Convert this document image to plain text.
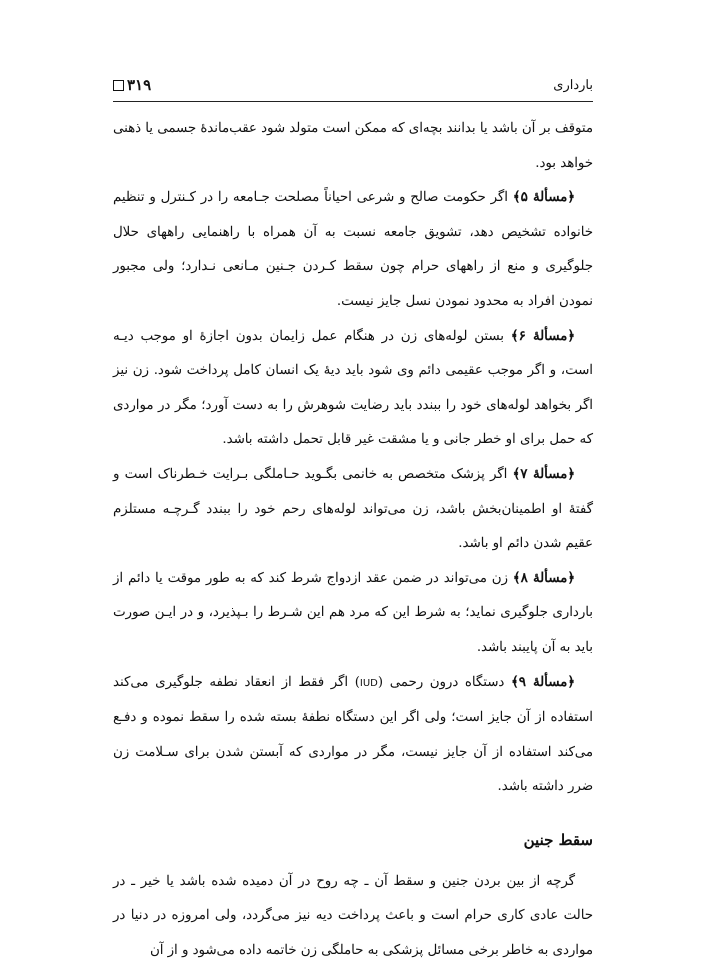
بارداری
۳۱۹

متوقف بر آن باشد یا بدانند بچه‌ای که ممکن است متولد شود عقب‌ماندهٔ جسمی یا ذهنی خواهد بود.

﴿مسألهٔ ۵﴾ اگر حکومت صالح و شرعی احیاناً مصلحت جـامعه را در کـنترل و تنظیم خانواده تشخیص دهد، تشویق جامعه نسبت به آن همراه با راهنمایی راههای حلال جلوگیری و منع از راههای حرام چون سقط کـردن جـنین مـانعی نـدارد؛ ولی مجبور نمودن افراد به محدود نمودن نسل جایز نیست.

﴿مسألهٔ ۶﴾ بستن لوله‌های زن در هنگام عمل زایمان بدون اجازهٔ او موجب دیـه است، و اگر موجب عقیمی دائم وی شود باید دیهٔ یک انسان کامل پرداخت شود. زن نیز اگر بخواهد لوله‌های خود را ببندد باید رضایت شوهرش را به دست آورد؛ مگر در مواردی که حمل برای او خطر جانی و یا مشقت غیر قابل تحمل داشته باشد.

﴿مسألهٔ ۷﴾ اگر پزشک متخصص به خانمی بگـوید حـاملگی بـرایت خـطرناک است و گفتهٔ او اطمینان‌بخش باشد، زن می‌تواند لوله‌های رحم خود را ببندد گـرچـه مستلزم عقیم شدن دائم او باشد.

﴿مسألهٔ ۸﴾ زن می‌تواند در ضمن عقد ازدواج شرط کند که به طور موقت یا دائم از بارداری جلوگیری نماید؛ به شرط این که مرد هم این شـرط را بـپذیرد، و در ایـن صورت باید به آن پایبند باشد.

﴿مسألهٔ ۹﴾ دستگاه درون رحمی (IUD) اگر فقط از انعقاد نطفه جلوگیری می‌کند استفاده از آن جایز است؛ ولی اگر این دستگاه نطفهٔ بسته شده را سقط نموده و دفـع می‌کند استفاده از آن جایز نیست، مگر در مواردی که آبستن شدن برای سـلامت زن ضرر داشته باشد.

سقط جنین

گرچه از بین بردن جنین و سقط آن ـ چه روح در آن دمیده شده باشد یا خیر ـ در حالت عادی کاری حرام است و باعث پرداخت دیه نیز می‌گردد، ولی امروزه در دنیا در مواردی به خاطر برخی مسائل پزشکی به حاملگی زن خاتمه داده می‌شود و از آن
